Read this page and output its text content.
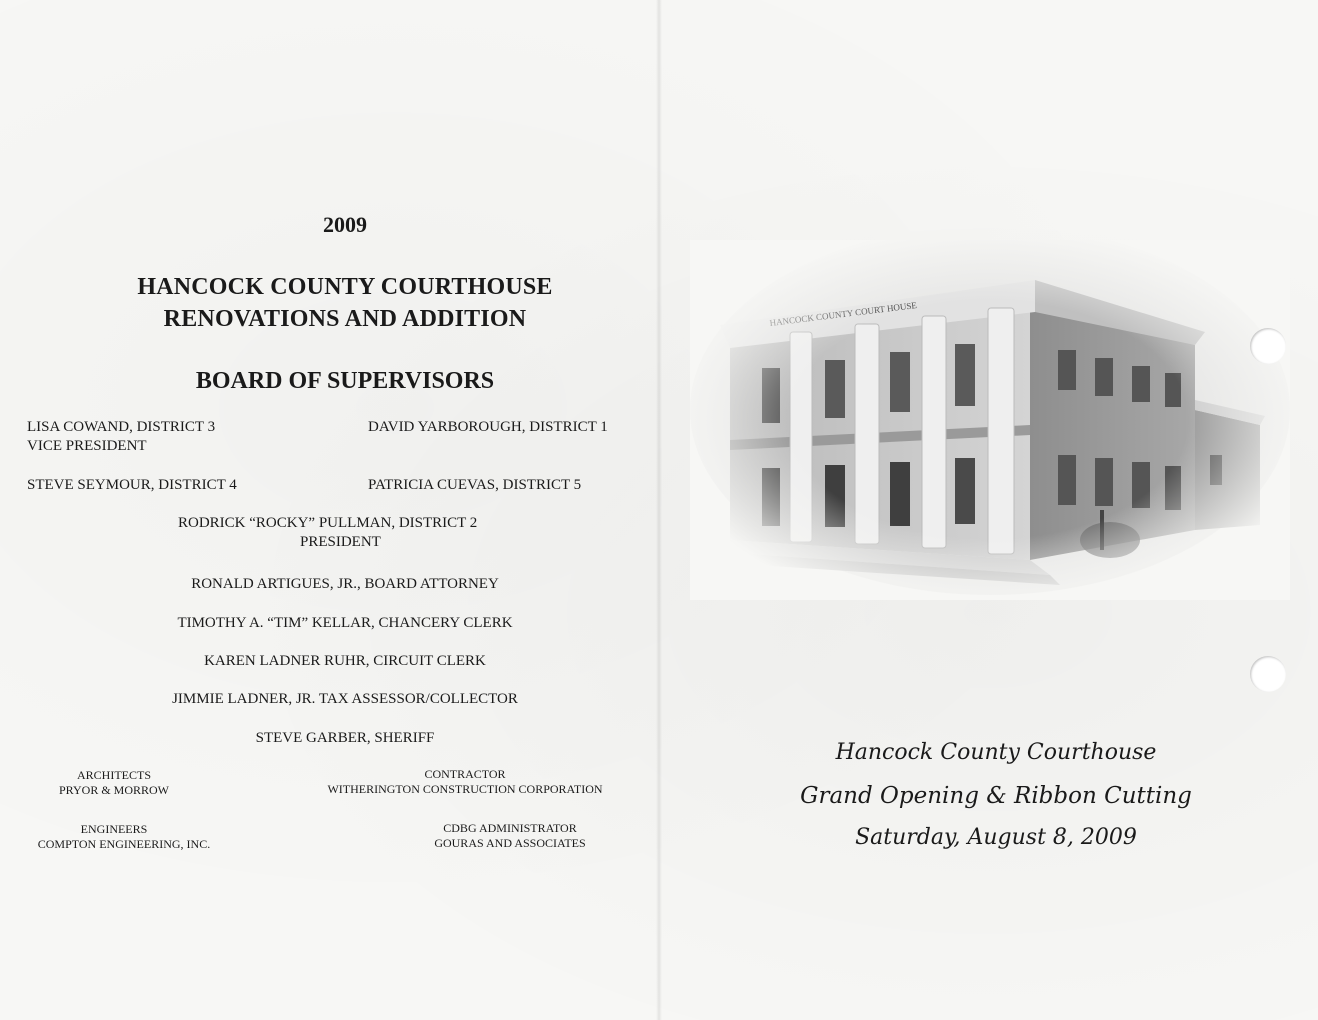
2009
HANCOCK COUNTY COURTHOUSE
RENOVATIONS AND ADDITION
BOARD OF SUPERVISORS
LISA COWAND, DISTRICT 3
VICE PRESIDENT
DAVID YARBOROUGH, DISTRICT 1
STEVE SEYMOUR, DISTRICT 4	PATRICIA CUEVAS, DISTRICT 5
RODRICK “ROCKY” PULLMAN, DISTRICT 2
PRESIDENT
RONALD ARTIGUES, JR., BOARD ATTORNEY
TIMOTHY A. “TIM” KELLAR, CHANCERY CLERK
KAREN LADNER RUHR, CIRCUIT CLERK
JIMMIE LADNER, JR. TAX ASSESSOR/COLLECTOR
STEVE GARBER, SHERIFF
ARCHITECTS
PRYOR & MORROW
CONTRACTOR
WITHERINGTON CONSTRUCTION CORPORATION
ENGINEERS
COMPTON ENGINEERING, INC.
CDBG ADMINISTRATOR
GOURAS AND ASSOCIATES
Hancock County Courthouse
Grand Opening & Ribbon Cutting
Saturday, August 8, 2009
